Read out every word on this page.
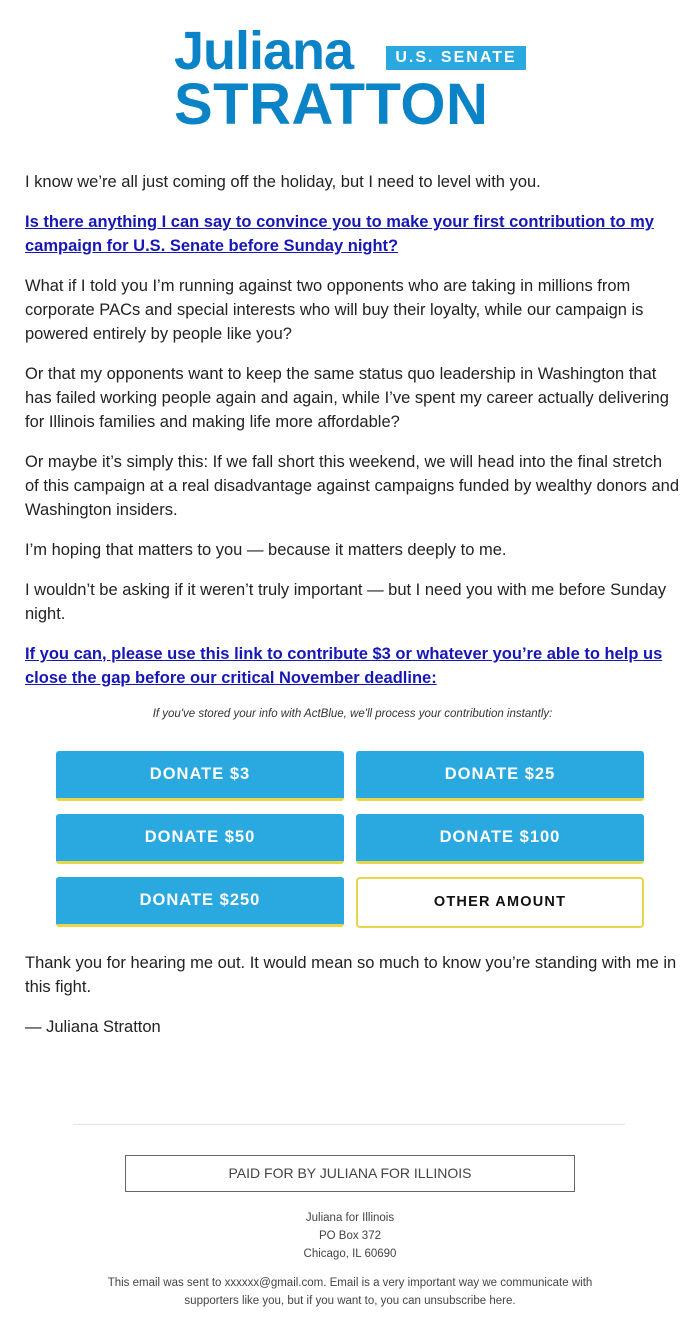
Juliana	U.S. SENATE
STRATTON

I know we’re all just coming off the holiday, but I need to level with you.

Is there anything I can say to convince you to make your first contribution to my campaign for U.S. Senate before Sunday night?

What if I told you I’m running against two opponents who are taking in millions from corporate PACs and special interests who will buy their loyalty, while our campaign is powered entirely by people like you?

Or that my opponents want to keep the same status quo leadership in Washington that has failed working people again and again, while I’ve spent my career actually delivering for Illinois families and making life more affordable?

Or maybe it’s simply this: If we fall short this weekend, we will head into the final stretch of this campaign at a real disadvantage against campaigns funded by wealthy donors and Washington insiders.

I’m hoping that matters to you — because it matters deeply to me.

I wouldn’t be asking if it weren’t truly important — but I need you with me before Sunday night.

If you can, please use this link to contribute $3 or whatever you’re able to help us close the gap before our critical November deadline:
If you've stored your info with ActBlue, we'll process your contribution instantly:
DONATE $3	DONATE $25
DONATE $50	DONATE $100
DONATE $250	OTHER AMOUNT

Thank you for hearing me out. It would mean so much to know you’re standing with me in this fight.

— Juliana Stratton

PAID FOR BY JULIANA FOR ILLINOIS
Juliana for Illinois
PO Box 372
Chicago, IL 60690
This email was sent to xxxxxx@gmail.com. Email is a very important way we communicate with supporters like you, but if you want to, you can unsubscribe here.
